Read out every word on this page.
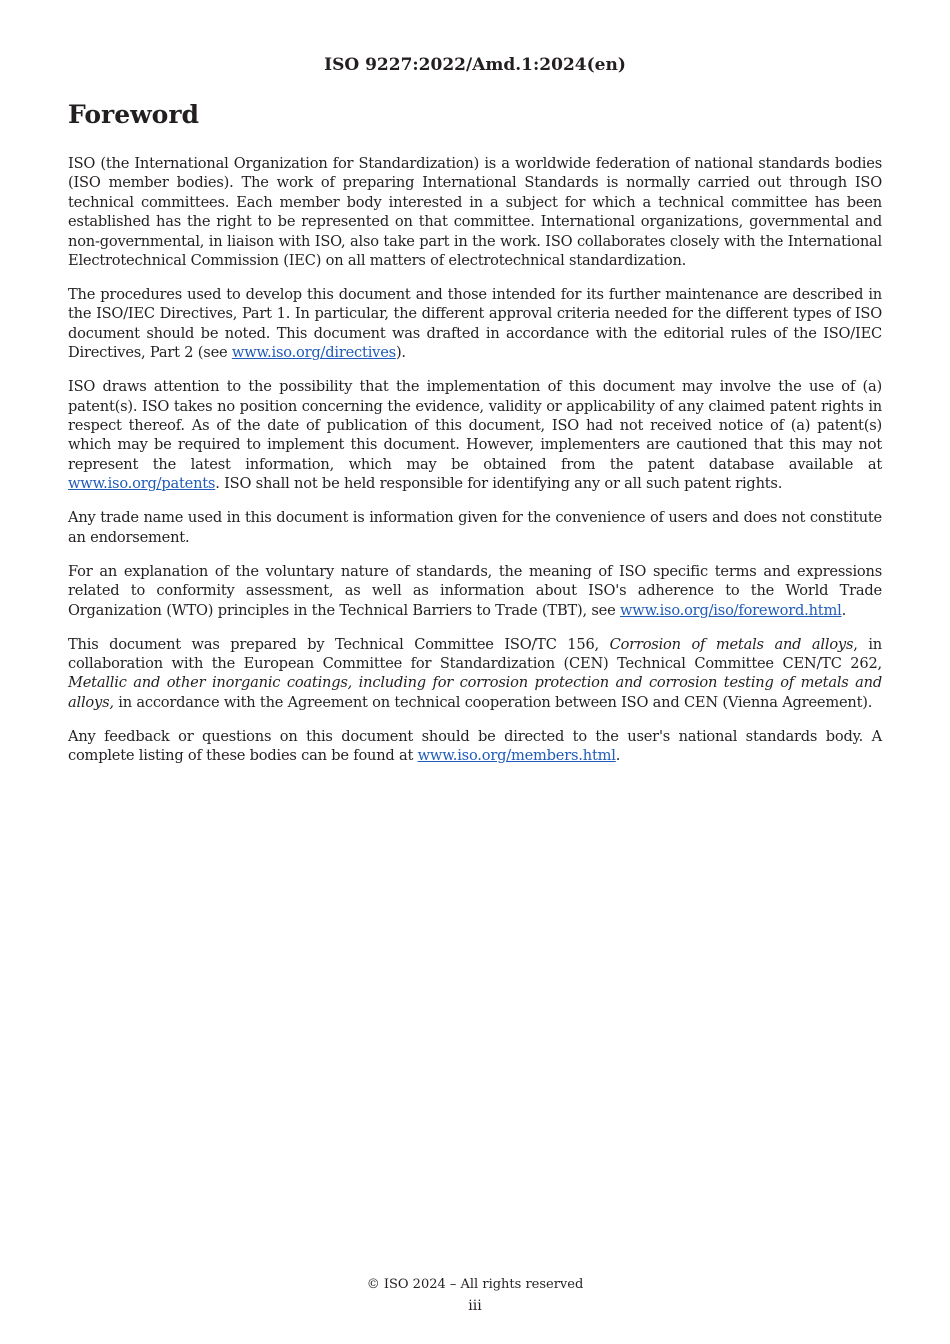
ISO 9227:2022/Amd.1:2024(en)
Foreword

ISO (the International Organization for Standardization) is a worldwide federation of national standards bodies (ISO member bodies). The work of preparing International Standards is normally carried out through ISO technical committees. Each member body interested in a subject for which a technical committee has been established has the right to be represented on that committee. International organizations, governmental and non-governmental, in liaison with ISO, also take part in the work. ISO collaborates closely with the International Electrotechnical Commission (IEC) on all matters of electrotechnical standardization.

The procedures used to develop this document and those intended for its further maintenance are described in the ISO/IEC Directives, Part 1. In particular, the different approval criteria needed for the different types of ISO document should be noted. This document was drafted in accordance with the editorial rules of the ISO/IEC Directives, Part 2 (see www.iso.org/directives).

ISO draws attention to the possibility that the implementation of this document may involve the use of (a) patent(s). ISO takes no position concerning the evidence, validity or applicability of any claimed patent rights in respect thereof. As of the date of publication of this document, ISO had not received notice of (a) patent(s) which may be required to implement this document. However, implementers are cautioned that this may not represent the latest information, which may be obtained from the patent database available at www.iso.org/patents. ISO shall not be held responsible for identifying any or all such patent rights.

Any trade name used in this document is information given for the convenience of users and does not constitute an endorsement.

For an explanation of the voluntary nature of standards, the meaning of ISO specific terms and expressions related to conformity assessment, as well as information about ISO's adherence to the World Trade Organization (WTO) principles in the Technical Barriers to Trade (TBT), see www.iso.org/iso/foreword.html.

This document was prepared by Technical Committee ISO/TC 156, Corrosion of metals and alloys, in collaboration with the European Committee for Standardization (CEN) Technical Committee CEN/TC 262, Metallic and other inorganic coatings, including for corrosion protection and corrosion testing of metals and alloys, in accordance with the Agreement on technical cooperation between ISO and CEN (Vienna Agreement).

Any feedback or questions on this document should be directed to the user's national standards body. A complete listing of these bodies can be found at www.iso.org/members.html.

© ISO 2024 – All rights reserved
iii
